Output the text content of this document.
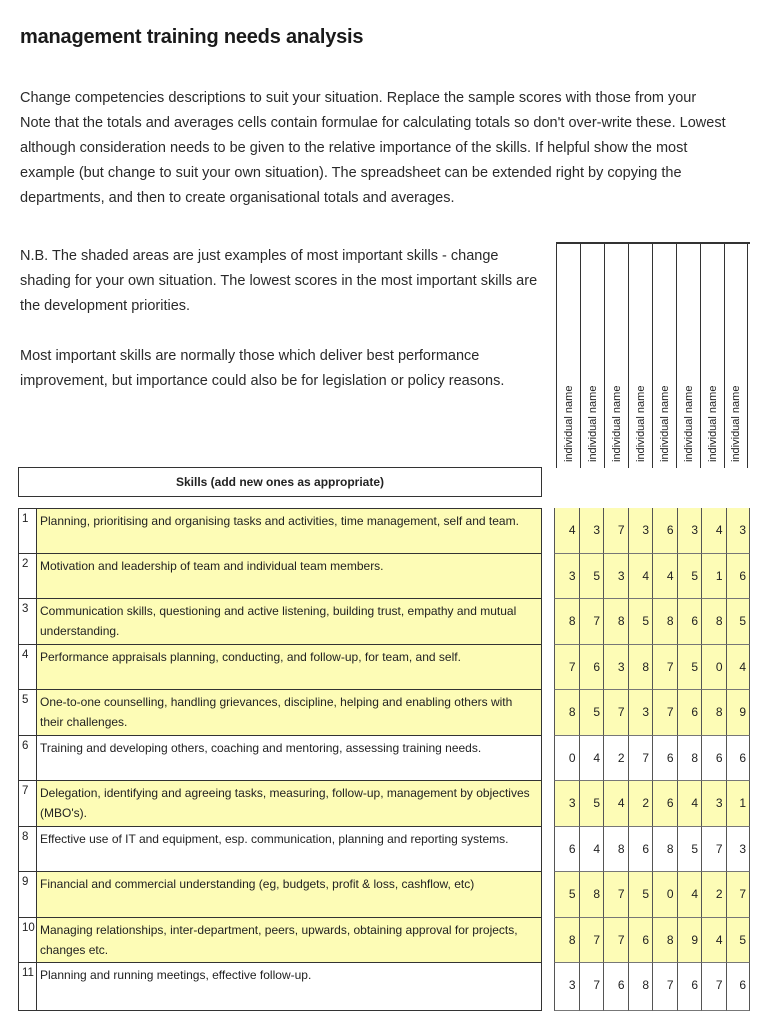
management training needs analysis
Change competencies descriptions to suit your situation. Replace the sample scores with those from your
Note that the totals and averages cells contain formulae for calculating totals so don't over-write these. Lowest
although consideration needs to be given to the relative importance of the skills. If helpful show the most
example (but change to suit your own situation). The spreadsheet can be extended right by copying the
departments, and then to create organisational totals and averages.
N.B. The shaded areas are just examples of most important skills - change shading for your own situation. The lowest scores in the most important skills are the development priorities.
Most important skills are normally those which deliver best performance improvement, but importance could also be for legislation or policy reasons.
individual name individual name individual name individual name individual name individual name individual name individual name
Skills (add new ones as appropriate)
1 Planning, prioritising and organising tasks and activities, time management, self and team.
4	3	7	3	6	3	4	3
2 Motivation and leadership of team and individual team members.
3	5	3	4	4	5	1	6
3 Communication skills, questioning and active listening, building trust, empathy and mutual understanding.
8	7	8	5	8	6	8	5
4 Performance appraisals planning, conducting, and follow-up, for team, and self.
7	6	3	8	7	5	0	4
5 One-to-one counselling, handling grievances, discipline, helping and enabling others with their challenges.
8	5	7	3	7	6	8	9
6 Training and developing others, coaching and mentoring, assessing training needs.
0	4	2	7	6	8	6	6
7 Delegation, identifying and agreeing tasks, measuring, follow-up, management by objectives (MBO's).
3	5	4	2	6	4	3	1
8 Effective use of IT and equipment, esp. communication, planning and reporting systems.
6	4	8	6	8	5	7	3
9 Financial and commercial understanding (eg, budgets, profit & loss, cashflow, etc)
5	8	7	5	0	4	2	7
10 Managing relationships, inter-department, peers, upwards, obtaining approval for projects, changes etc.
8	7	7	6	8	9	4	5
11 Planning and running meetings, effective follow-up.
3	7	6	8	7	6	7	6
